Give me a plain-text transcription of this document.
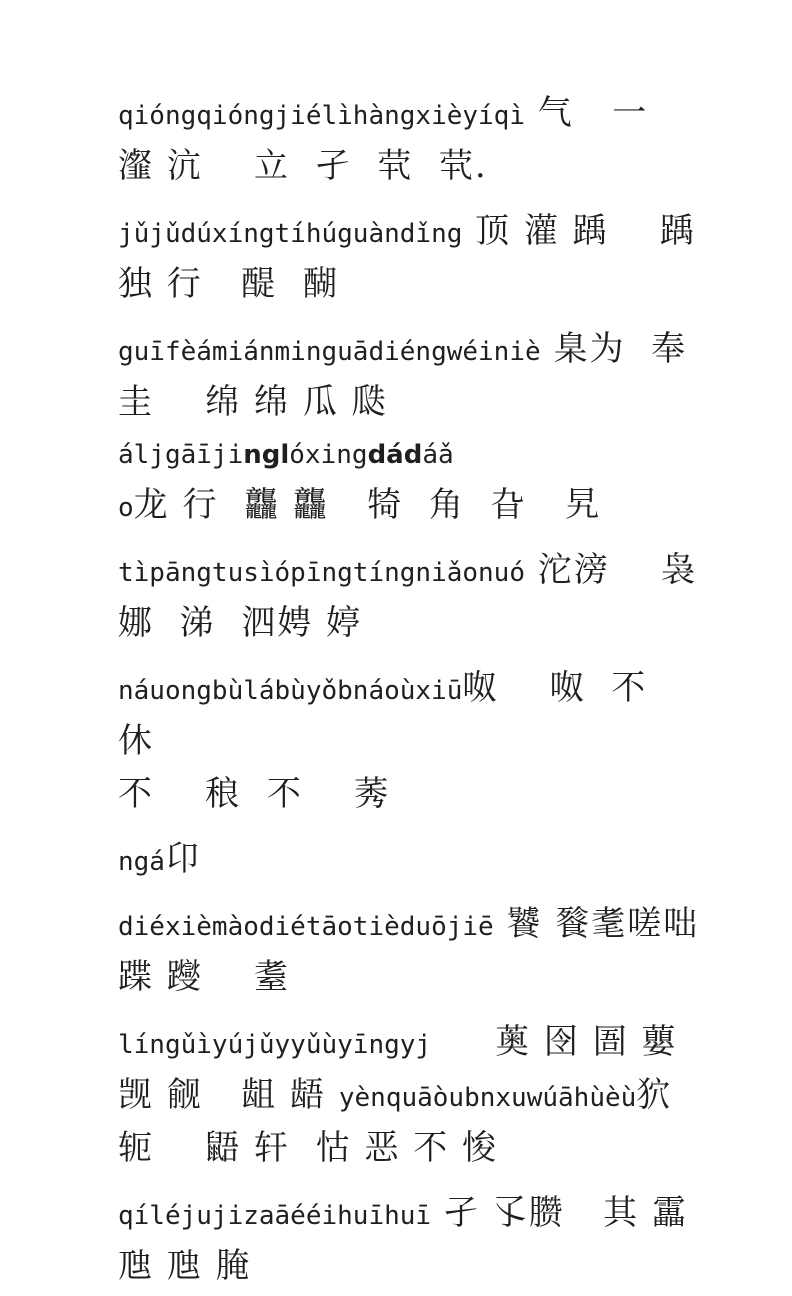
qióngqióngjiélìhàngxièyíqì 气   一
瀣 沆    立  孑  茕  茕.

jǔjǔdúxíngtíhúguàndǐng 顶 灌 踽    踽
独 行   醍  醐

guīfèámiánminguādiéngwéiniè 臬为  奉
圭    绵 绵 瓜 瓞áljgāījinglóxingdádáǎ
o龙 行  龘 龘   犄  角  旮   旯

tìpāngtusìópīngtíngniǎonuó 沱滂    袅
娜  涕  泗娉 婷

náuongbùlábùyǒbnáoùxiū呶    呶  不  休
不    稂  不    莠

ngá卬

diéxièmàodiétāotièduōjiē 饕 餮耄嗟咄
蹀 躞    耋

língǔìyújǔyyǔùyīngyj     薁 囹 圄 蘡
觊 觎   龃 龉 yènquāòubnxuwúāhùèù狖
轭    鼯 轩  怙 恶 不 悛

qíléjujizaāééihuīhuī 孑 孓臜   其 靁
虺 虺 腌
